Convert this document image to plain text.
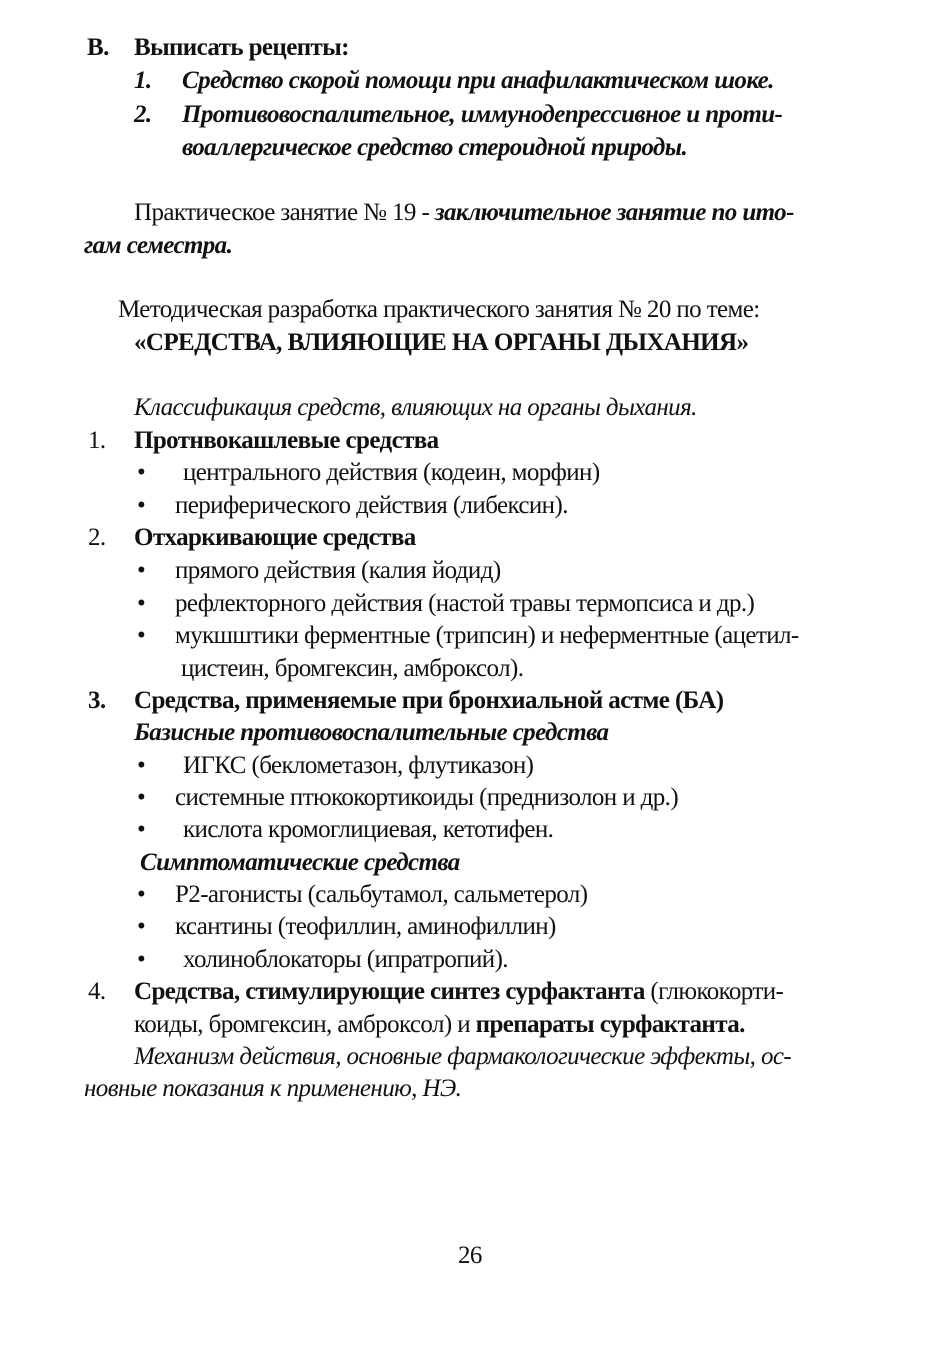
В. Выписать рецепты:
1. Средство скорой помощи при анафилактическом шоке.
2. Противовоспалительное, иммунодепрессивное и проти-
воаллергическое средство стероидной природы.
Практическое занятие № 19 - заключительное занятие по ито-
гам семестра.
Методическая разработка практического занятия № 20 по теме:
«СРЕДСТВА, ВЛИЯЮЩИЕ НА ОРГАНЫ ДЫХАНИЯ»
Классификация средств, влияющих на органы дыхания.
1. Протнвокашлевые средства
• центрального действия (кодеин, морфин)
• периферического действия (либексин).
2. Отхаркивающие средства
• прямого действия (калия йодид)
• рефлекторного действия (настой травы термопсиса и др.)
• мукшштики ферментные (трипсин) и неферментные (ацетил-
цистеин, бромгексин, амброксол).
3. Средства, применяемые при бронхиальной астме (БА)
Базисные противовоспалительные средства
• ИГКС (беклометазон, флутиказон)
• системные птюкокортикоиды (преднизолон и др.)
• кислота кромоглициевая, кетотифен.
Симптоматические средства
• Р2-агонисты (сальбутамол, сальметерол)
• ксантины (теофиллин, аминофиллин)
• холиноблокаторы (ипратропий).
4. Средства, стимулирующие синтез сурфактанта (глюкокорти-
коиды, бромгексин, амброксол) и препараты сурфактанта.
Механизм действия, основные фармакологические эффекты, ос-
новные показания к применению, НЭ.
26
